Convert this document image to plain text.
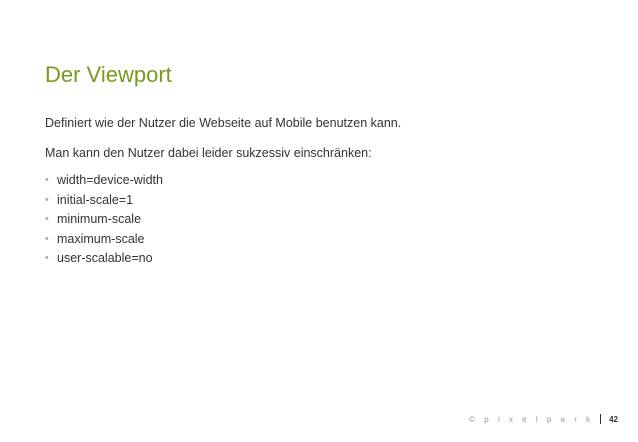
Der Viewport

Definiert wie der Nutzer die Webseite auf Mobile benutzen kann.

Man kann den Nutzer dabei leider sukzessiv einschränken:

• width=device-width
• initial-scale=1
• minimum-scale
• maximum-scale
• user-scalable=no
© p i x e l p a r k 42
